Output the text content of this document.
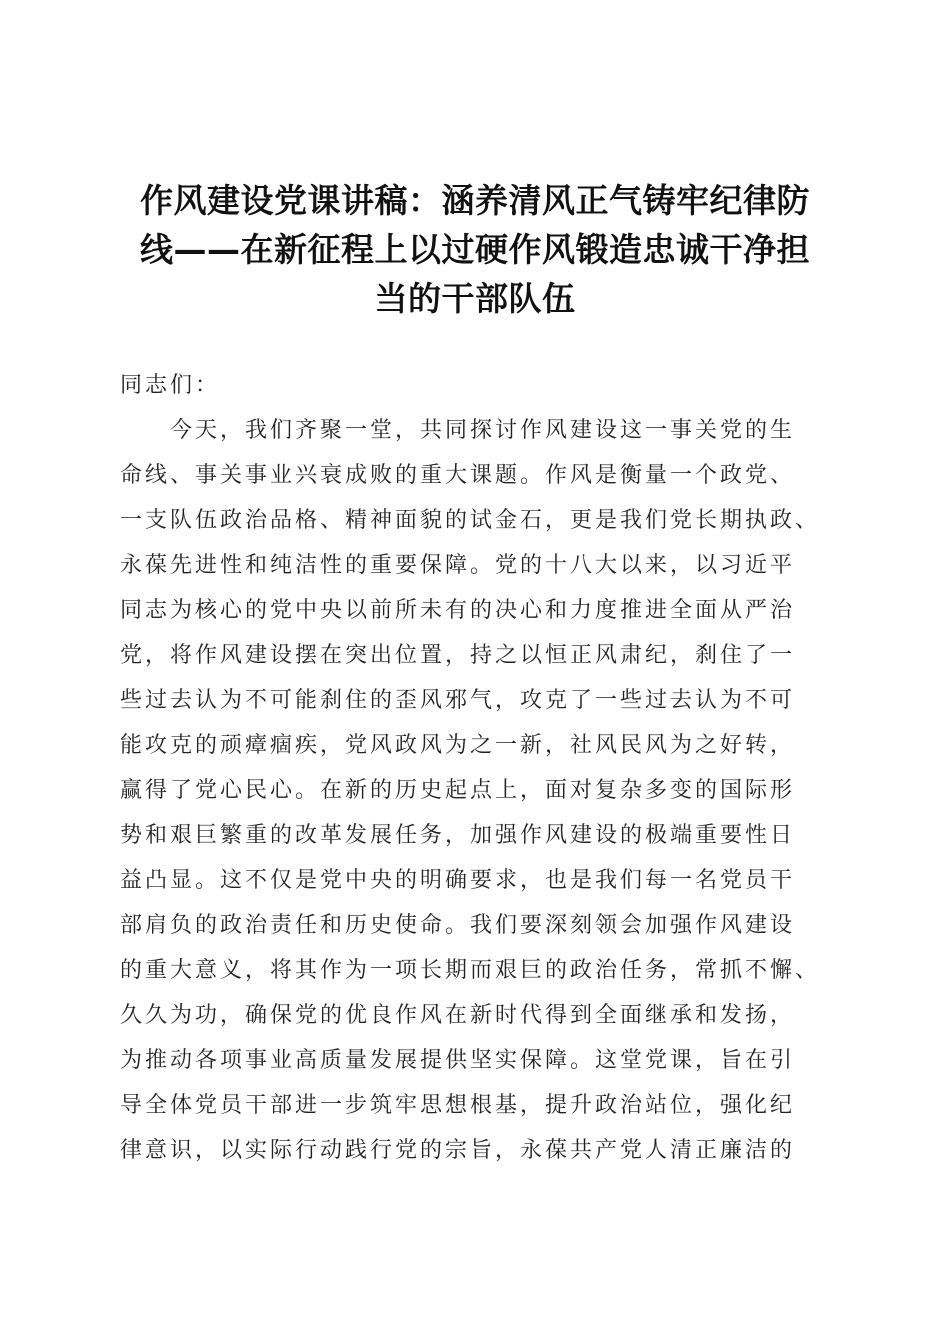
作风建设党课讲稿：涵养清风正气铸牢纪律防
线——在新征程上以过硬作风锻造忠诚干净担
当的干部队伍

同志们：

今天，我们齐聚一堂，共同探讨作风建设这一事关党的生
命线、事关事业兴衰成败的重大课题。作风是衡量一个政党、
一支队伍政治品格、精神面貌的试金石，更是我们党长期执政、
永葆先进性和纯洁性的重要保障。党的十八大以来，以习近平
同志为核心的党中央以前所未有的决心和力度推进全面从严治
党，将作风建设摆在突出位置，持之以恒正风肃纪，刹住了一
些过去认为不可能刹住的歪风邪气，攻克了一些过去认为不可
能攻克的顽瘴痼疾，党风政风为之一新，社风民风为之好转，
赢得了党心民心。在新的历史起点上，面对复杂多变的国际形
势和艰巨繁重的改革发展任务，加强作风建设的极端重要性日
益凸显。这不仅是党中央的明确要求，也是我们每一名党员干
部肩负的政治责任和历史使命。我们要深刻领会加强作风建设
的重大意义，将其作为一项长期而艰巨的政治任务，常抓不懈、
久久为功，确保党的优良作风在新时代得到全面继承和发扬，
为推动各项事业高质量发展提供坚实保障。这堂党课，旨在引
导全体党员干部进一步筑牢思想根基，提升政治站位，强化纪
律意识，以实际行动践行党的宗旨，永葆共产党人清正廉洁的
